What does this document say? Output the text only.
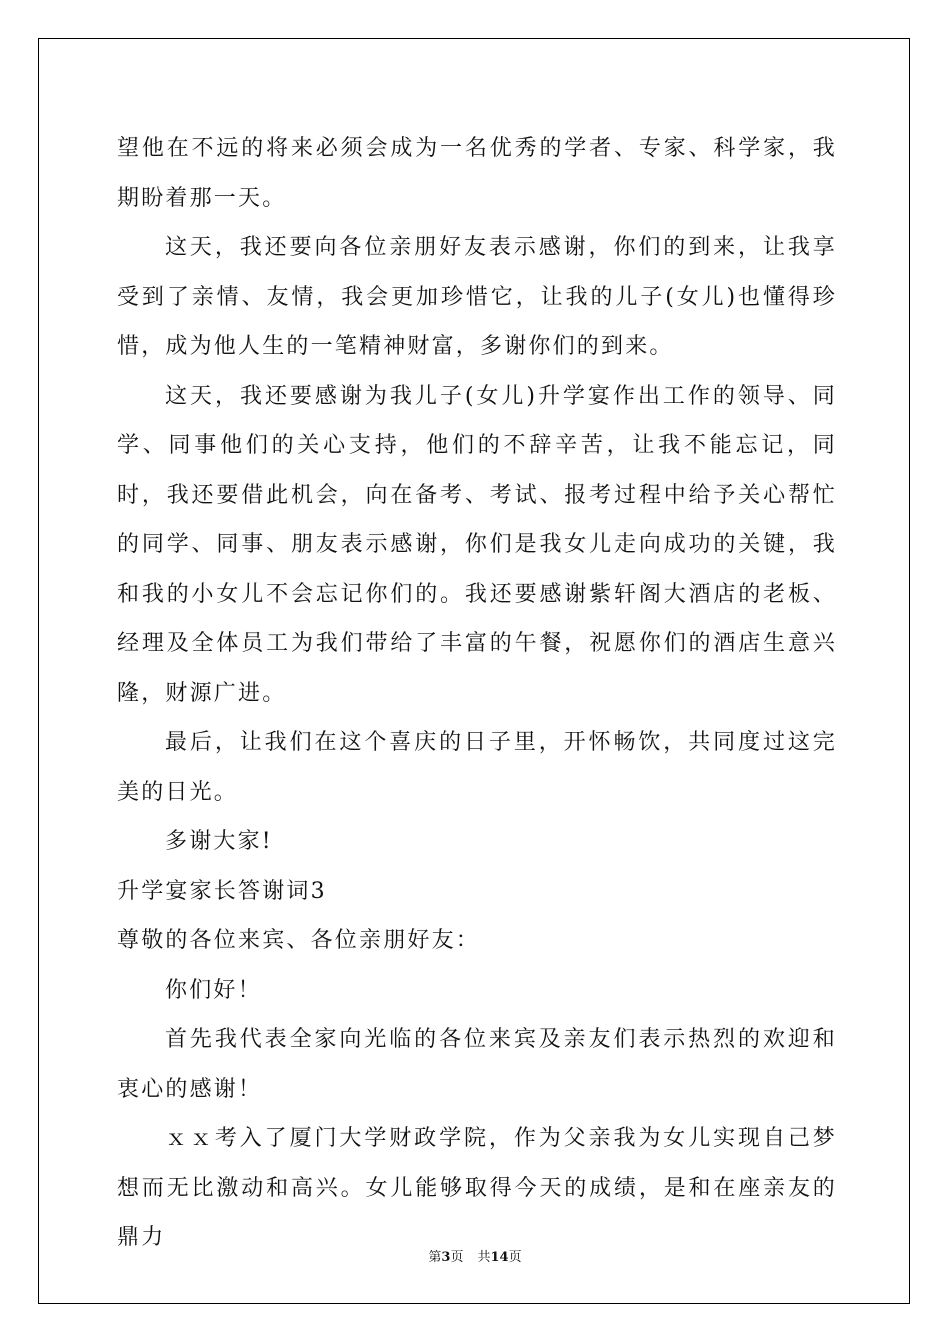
望他在不远的将来必须会成为一名优秀的学者、专家、科学家，我期盼着那一天。

这天，我还要向各位亲朋好友表示感谢，你们的到来，让我享受到了亲情、友情，我会更加珍惜它，让我的儿子(女儿)也懂得珍惜，成为他人生的一笔精神财富，多谢你们的到来。

这天，我还要感谢为我儿子(女儿)升学宴作出工作的领导、同学、同事他们的关心支持，他们的不辞辛苦，让我不能忘记，同时，我还要借此机会，向在备考、考试、报考过程中给予关心帮忙的同学、同事、朋友表示感谢，你们是我女儿走向成功的关键，我和我的小女儿不会忘记你们的。我还要感谢紫轩阁大酒店的老板、经理及全体员工为我们带给了丰富的午餐，祝愿你们的酒店生意兴隆，财源广进。

最后，让我们在这个喜庆的日子里，开怀畅饮，共同度过这完美的日光。

多谢大家!

升学宴家长答谢词3

尊敬的各位来宾、各位亲朋好友：

你们好！

首先我代表全家向光临的各位来宾及亲友们表示热烈的欢迎和衷心的感谢！

ｘｘ考入了厦门大学财政学院，作为父亲我为女儿实现自己梦想而无比激动和高兴。女儿能够取得今天的成绩，是和在座亲友的鼎力

第3页 共14页
